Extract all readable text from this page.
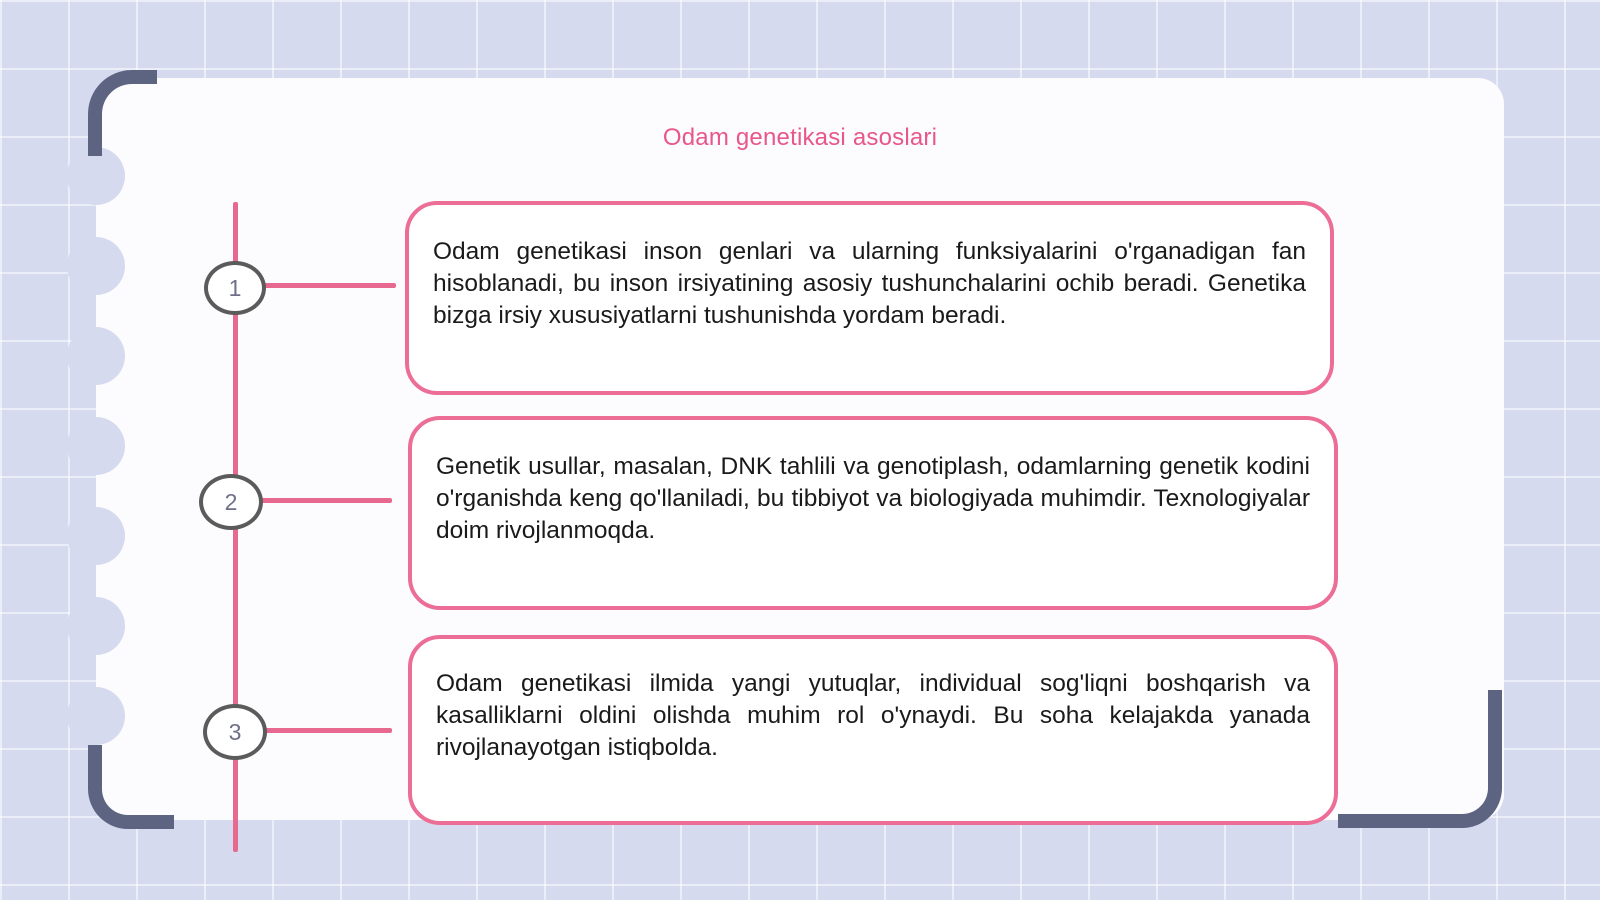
Odam genetikasi asoslari
1

Odam genetikasi inson genlari va ularning funksiyalarini o'rganadigan fan hisoblanadi, bu inson irsiyatining asosiy tushunchalarini ochib beradi. Genetika bizga irsiy xususiyatlarni tushunishda yordam beradi.

2

Genetik usullar, masalan, DNK tahlili va genotiplash, odamlarning genetik kodini o'rganishda keng qo'llaniladi, bu tibbiyot va biologiyada muhimdir. Texnologiyalar doim rivojlanmoqda.

3

Odam genetikasi ilmida yangi yutuqlar, individual sog'liqni boshqarish va kasalliklarni oldini olishda muhim rol o'ynaydi. Bu soha kelajakda yanada rivojlanayotgan istiqbolda.
